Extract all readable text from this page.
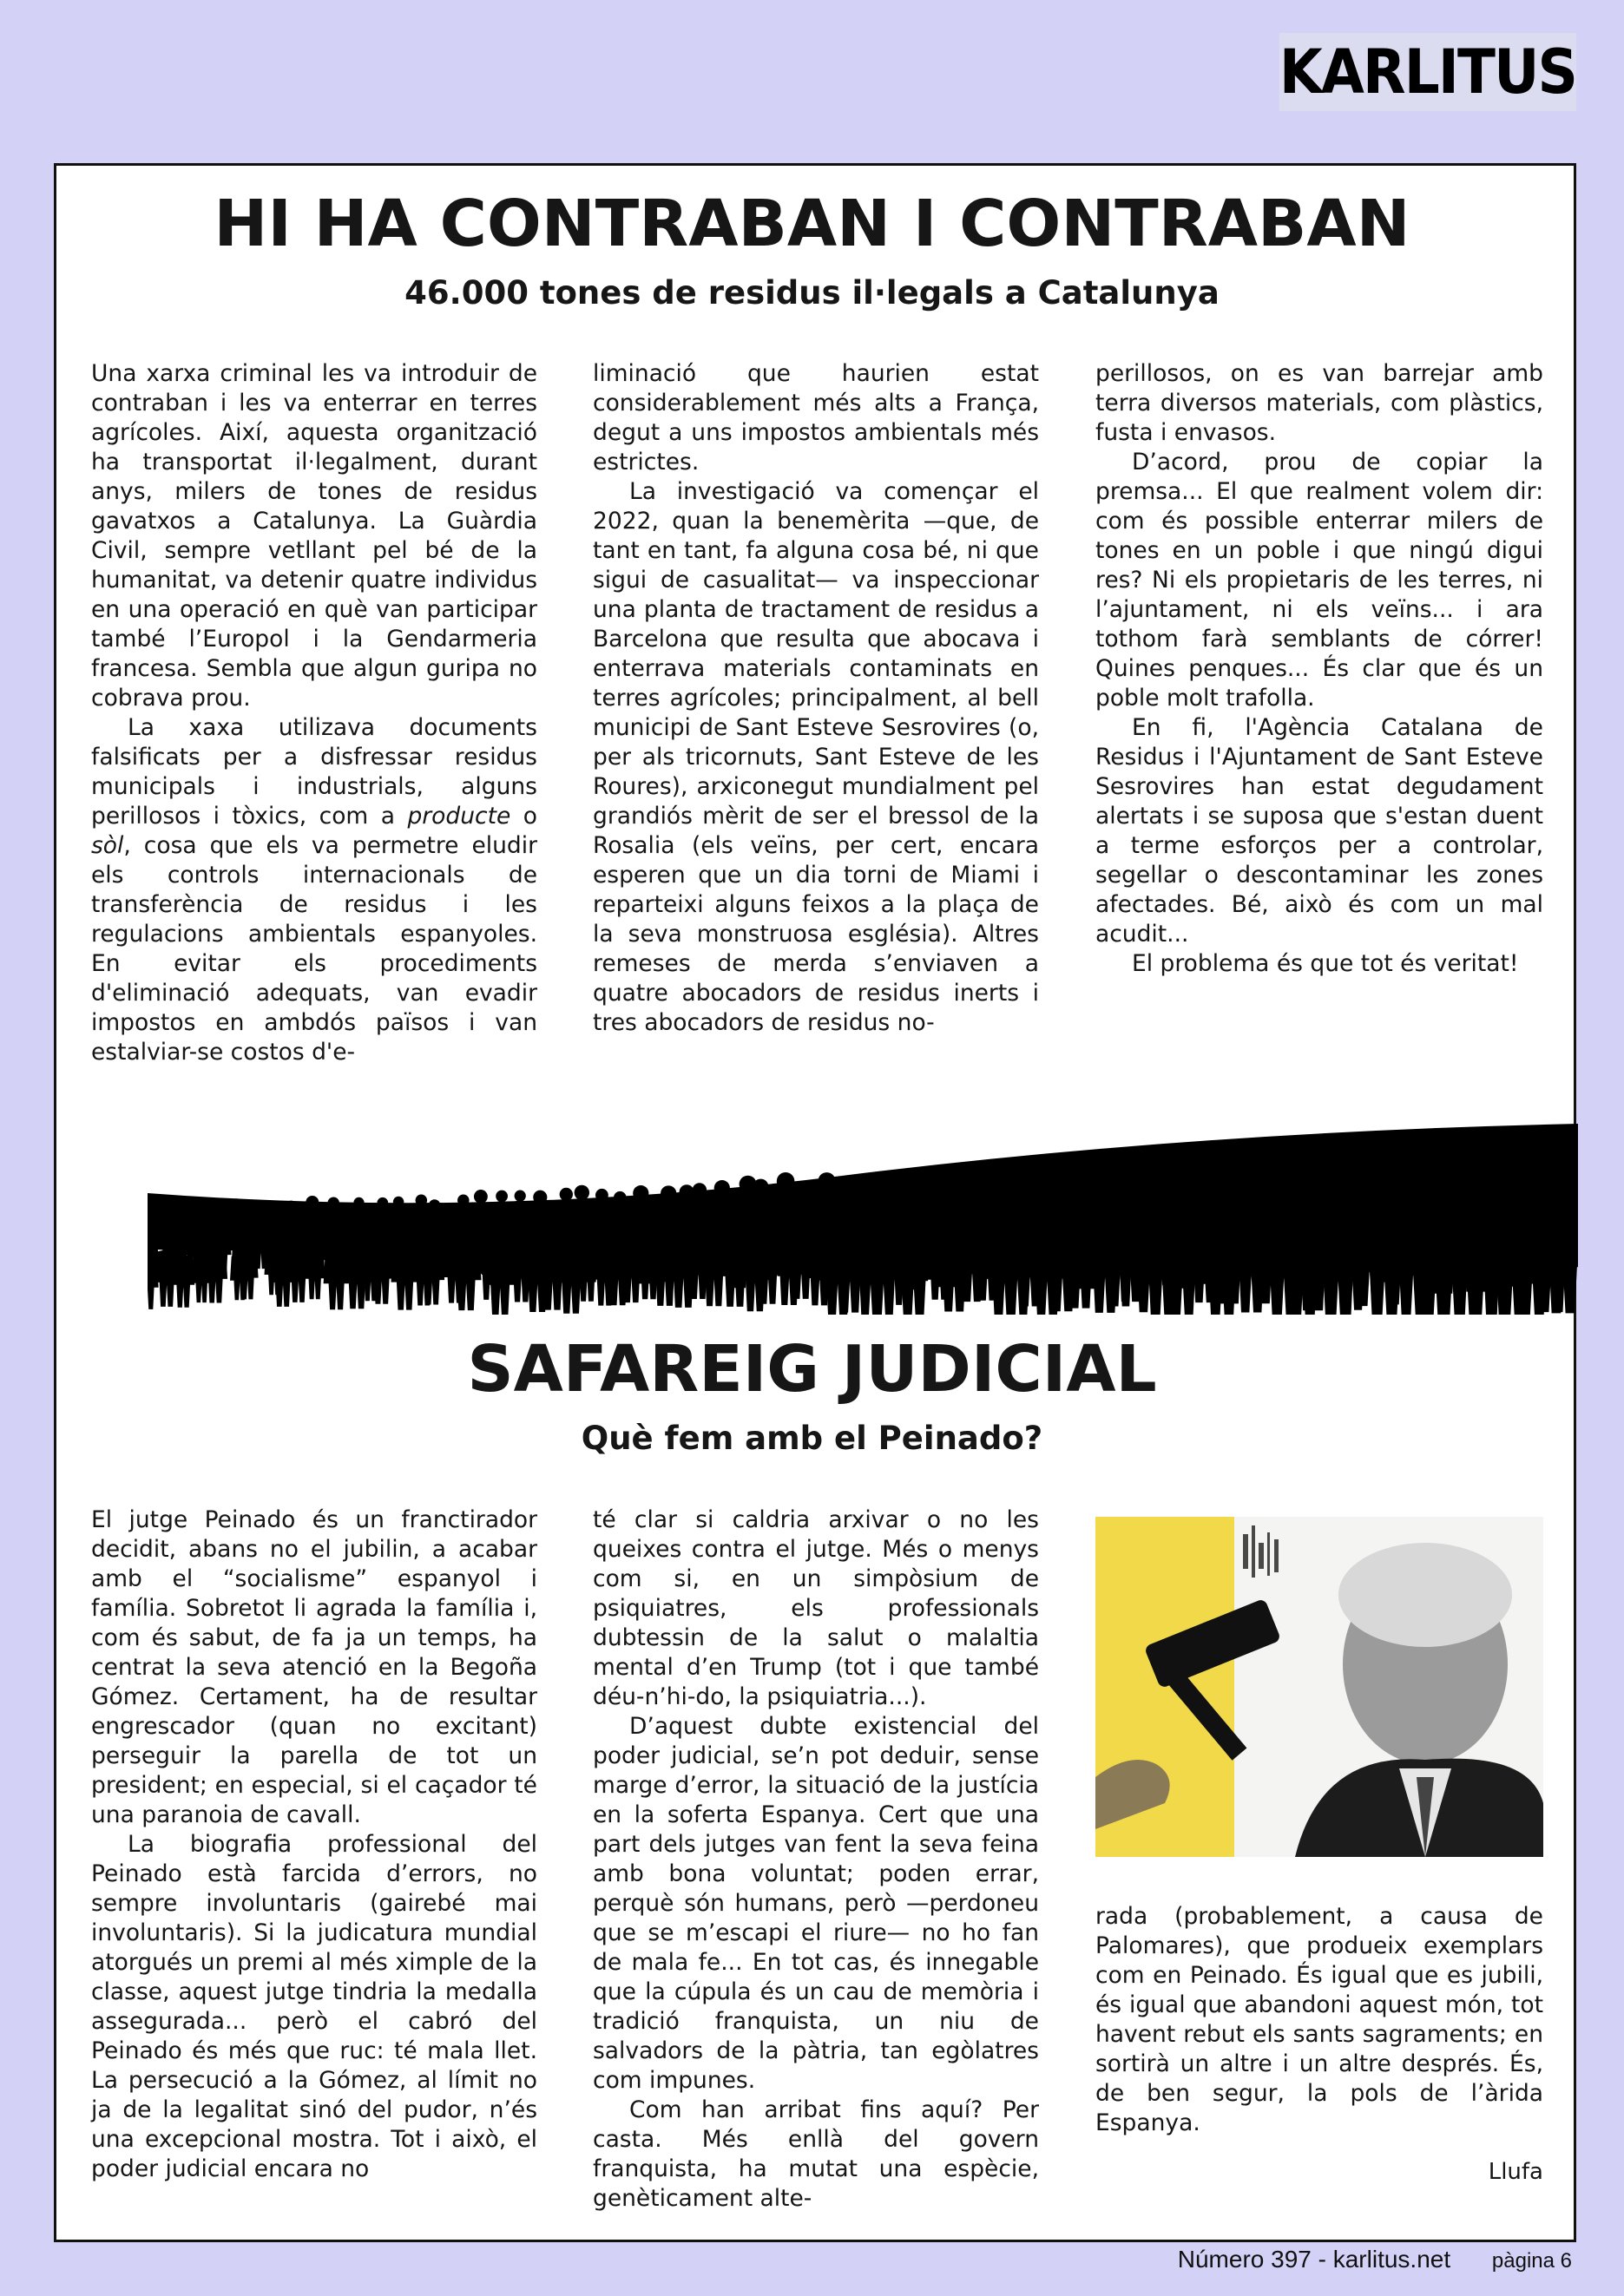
KARLITUS
HI HA CONTRABAN I CONTRABAN
46.000 tones de residus il·legals a Catalunya

Una xarxa criminal les va introduir de contraban i les va enterrar en terres agrícoles. Així, aquesta organització ha transportat il·legalment, durant anys, milers de tones de residus gavatxos a Catalunya. La Guàrdia Civil, sempre vetllant pel bé de la humanitat, va detenir quatre individus en una operació en què van participar també l’Europol i la Gendarmeria francesa. Sembla que algun guripa no cobrava prou.

La xaxa utilizava documents falsificats per a disfressar residus municipals i industrials, alguns perillosos i tòxics, com a producte o sòl, cosa que els va permetre eludir els controls internacionals de transferència de residus i les regulacions ambientals espanyoles. En evitar els procediments d'eliminació adequats, van evadir impostos en ambdós països i van estalviar-se costos d'e-

liminació que haurien estat considerablement més alts a França, degut a uns impostos ambientals més estrictes.

La investigació va començar el 2022, quan la benemèrita —que, de tant en tant, fa alguna cosa bé, ni que sigui de casualitat— va inspeccionar una planta de tractament de residus a Barcelona que resulta que abocava i enterrava materials contaminats en terres agrícoles; principalment, al bell municipi de Sant Esteve Sesrovires (o, per als tricornuts, Sant Esteve de les Roures), arxiconegut mundialment pel grandiós mèrit de ser el bressol de la Rosalia (els veïns, per cert, encara esperen que un dia torni de Miami i reparteixi alguns feixos a la plaça de la seva monstruosa església). Altres remeses de merda s’enviaven a quatre abocadors de residus inerts i tres abocadors de residus no-

perillosos, on es van barrejar amb terra diversos materials, com plàstics, fusta i envasos.

D’acord, prou de copiar la premsa... El que realment volem dir: com és possible enterrar milers de tones en un poble i que ningú digui res? Ni els propietaris de les terres, ni l’ajuntament, ni els veïns... i ara tothom farà semblants de córrer! Quines penques... És clar que és un poble molt trafolla.

En fi, l'Agència Catalana de Residus i l'Ajuntament de Sant Esteve Sesrovires han estat degudament alertats i se suposa que s'estan duent a terme esforços per a controlar, segellar o descontaminar les zones afectades. Bé, això és com un mal acudit...

El problema és que tot és veritat!

SAFAREIG JUDICIAL
Què fem amb el Peinado?

El jutge Peinado és un franctirador decidit, abans no el jubilin, a acabar amb el “socialisme” espanyol i família. Sobretot li agrada la família i, com és sabut, de fa ja un temps, ha centrat la seva atenció en la Begoña Gómez. Certament, ha de resultar engrescador (quan no excitant) perseguir la parella de tot un president; en especial, si el caçador té una paranoia de cavall.

La biografia professional del Peinado està farcida d’errors, no sempre involuntaris (gairebé mai involuntaris). Si la judicatura mundial atorgués un premi al més ximple de la classe, aquest jutge tindria la medalla assegurada... però el cabró del Peinado és més que ruc: té mala llet. La persecució a la Gómez, al límit no ja de la legalitat sinó del pudor, n’és una excepcional mostra. Tot i això, el poder judicial encara no

té clar si caldria arxivar o no les queixes contra el jutge. Més o menys com si, en un simpòsium de psiquiatres, els professionals dubtessin de la salut o malaltia mental d’en Trump (tot i que també déu-n’hi-do, la psiquiatria...).

D’aquest dubte existencial del poder judicial, se’n pot deduir, sense marge d’error, la situació de la justícia en la soferta Espanya. Cert que una part dels jutges van fent la seva feina amb bona voluntat; poden errar, perquè són humans, però —perdoneu que se m’escapi el riure— no ho fan de mala fe... En tot cas, és innegable que la cúpula és un cau de memòria i tradició franquista, un niu de salvadors de la pàtria, tan egòlatres com impunes.

Com han arribat fins aquí? Per casta. Més enllà del govern franquista, ha mutat una espècie, genèticament alte-

rada (probablement, a causa de Palomares), que produeix exemplars com en Peinado. És igual que es jubili, és igual que abandoni aquest món, tot havent rebut els sants sagraments; en sortirà un altre i un altre després. És, de ben segur, la pols de l’àrida Espanya.

Llufa
Número 397 - karlitus.net pàgina 6
